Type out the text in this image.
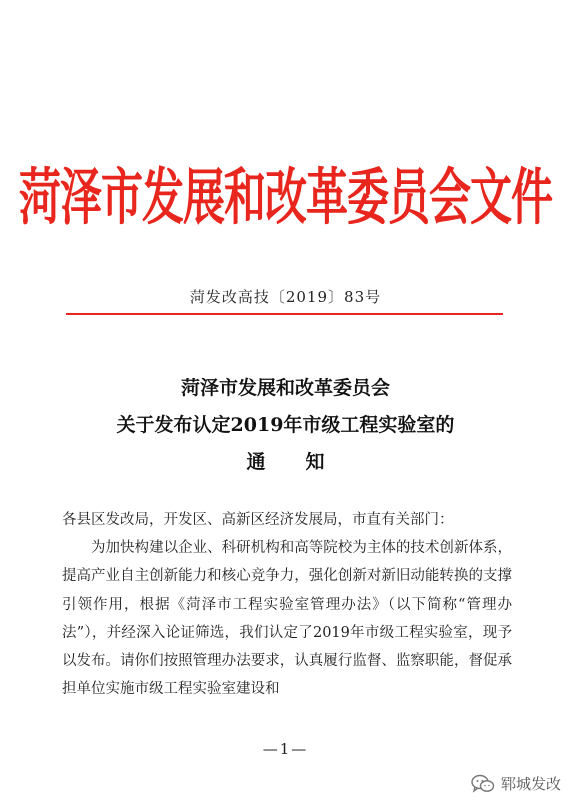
菏泽市发展和改革委员会文件
菏发改高技〔2019〕83号
菏泽市发展和改革委员会
关于发布认定2019年市级工程实验室的
通知

各县区发改局，开发区、高新区经济发展局，市直有关部门：

为加快构建以企业、科研机构和高等院校为主体的技术创新体系，提高产业自主创新能力和核心竞争力，强化创新对新旧动能转换的支撑引领作用，根据《菏泽市工程实验室管理办法》（以下简称“管理办法”），并经深入论证筛选，我们认定了2019年市级工程实验室，现予以发布。请你们按照管理办法要求，认真履行监督、监察职能，督促承担单位实施市级工程实验室建设和

—1—
郓城发改
